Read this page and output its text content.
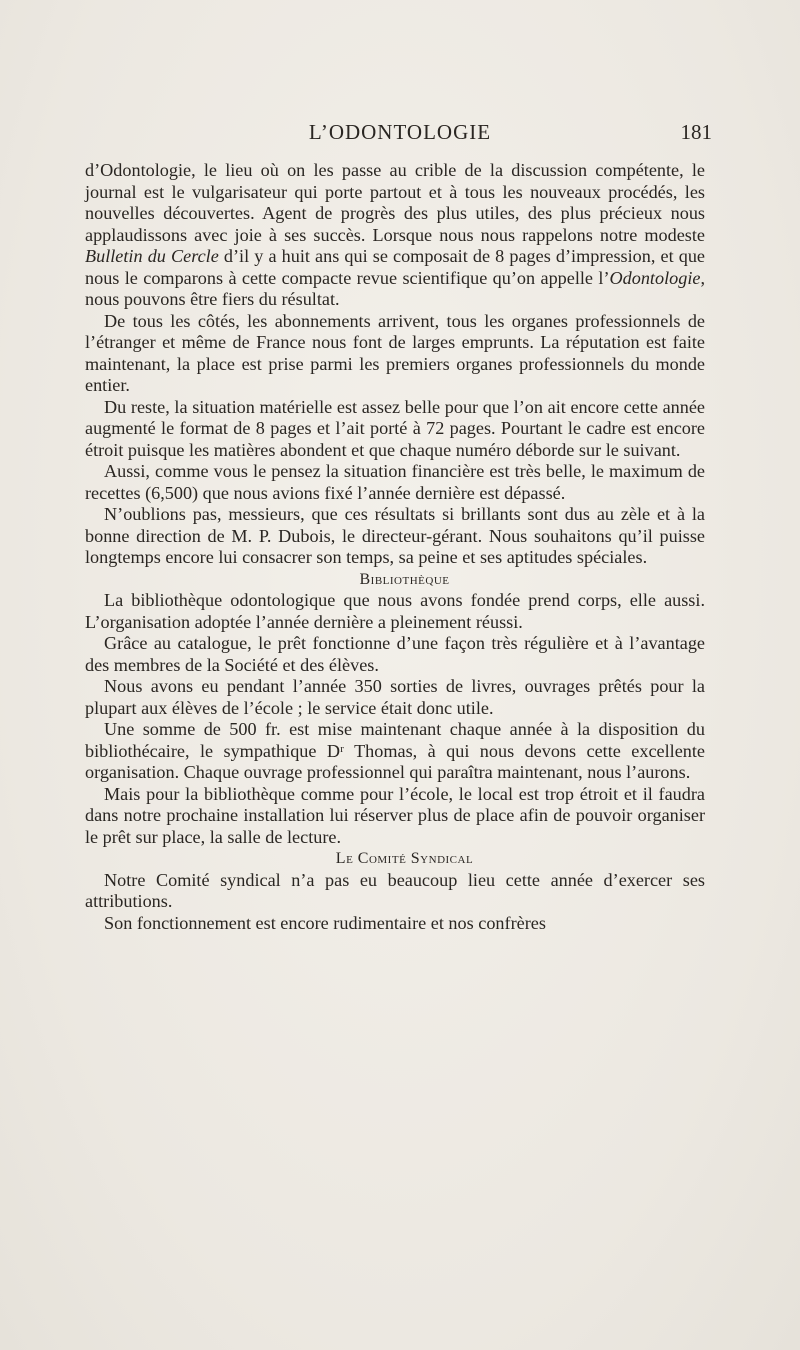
L’ODONTOLOGIE	181

d’Odontologie, le lieu où on les passe au crible de la discussion compétente, le journal est le vulgarisateur qui porte partout et à tous les nouveaux procédés, les nouvelles découvertes. Agent de progrès des plus utiles, des plus précieux nous applaudissons avec joie à ses succès. Lorsque nous nous rappelons notre modeste Bulletin du Cercle d’il y a huit ans qui se composait de 8 pages d’impression, et que nous le comparons à cette compacte revue scientifique qu’on appelle l’Odontologie, nous pouvons être fiers du résultat.

De tous les côtés, les abonnements arrivent, tous les organes professionnels de l’étranger et même de France nous font de larges emprunts. La réputation est faite maintenant, la place est prise parmi les premiers organes professionnels du monde entier.

Du reste, la situation matérielle est assez belle pour que l’on ait encore cette année augmenté le format de 8 pages et l’ait porté à 72 pages. Pourtant le cadre est encore étroit puisque les matières abondent et que chaque numéro déborde sur le suivant.

Aussi, comme vous le pensez la situation financière est très belle, le maximum de recettes (6,500) que nous avions fixé l’année dernière est dépassé.

N’oublions pas, messieurs, que ces résultats si brillants sont dus au zèle et à la bonne direction de M. P. Dubois, le directeur-gérant. Nous souhaitons qu’il puisse longtemps encore lui consacrer son temps, sa peine et ses aptitudes spéciales.

Bibliothèque

La bibliothèque odontologique que nous avons fondée prend corps, elle aussi. L’organisation adoptée l’année dernière a pleinement réussi.

Grâce au catalogue, le prêt fonctionne d’une façon très régulière et à l’avantage des membres de la Société et des élèves.

Nous avons eu pendant l’année 350 sorties de livres, ouvrages prêtés pour la plupart aux élèves de l’école ; le service était donc utile.

Une somme de 500 fr. est mise maintenant chaque année à la disposition du bibliothécaire, le sympathique Dʳ Thomas, à qui nous devons cette excellente organisation. Chaque ouvrage professionnel qui paraîtra maintenant, nous l’aurons.

Mais pour la bibliothèque comme pour l’école, le local est trop étroit et il faudra dans notre prochaine installation lui réserver plus de place afin de pouvoir organiser le prêt sur place, la salle de lecture.

Le Comité Syndical

Notre Comité syndical n’a pas eu beaucoup lieu cette année d’exercer ses attributions.

Son fonctionnement est encore rudimentaire et nos confrères
